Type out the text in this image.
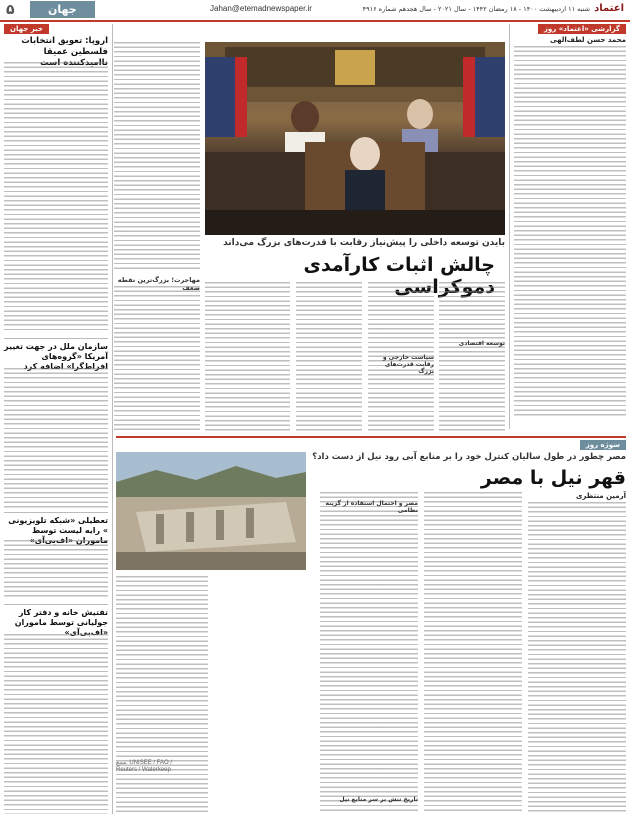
اعتماد
شنبه ۱۱ اردیبهشت ۱۴۰۰ - ۱۸ رمضان ۱۴۴۲ - سال ۲۰۲۱ - سال هجدهم شماره ۴۹۱۶
Jahan@etemadnewspaper.ir
جهان
۵
گزارشی «اعتماد» روز
محمد حسن لطف‌الهی
بایدن توسعه داخلی را پیش‌نیاز رقابت با قدرت‌های بزرگ می‌داند
چالش اثبات کارآمدی دموکراسی
توسعه اقتصادی
سیاست خارجی و رقابت قدرت‌های بزرگ
مهاجرت؛ بزرگ‌ترین نقطه ضعف
خبر جهان
اروپا: تعویق انتخابات فلسطین عمیقا ناامیدکننده است
سازمان ملل در جهت تغییر آمریکا «گروه‌های افراط‌گرا» اضافه کرد
تعطیلی «شبکه تلویزیونی » رایه لیست توسط ماموران «اف‌بی‌آی»
تفتیش خانه و دفتر کار جولیانی توسط ماموران «اف‌بی‌آی»
سوژه روز
مصر چطور در طول سالیان کنترل خود را بر منابع آبی رود نیل از دست داد؟
قهر نیل با مصر
آرمین منتظری
مصر و احتمال استفاده از گزینه نظامی
تاریخ تنش بر سر منابع نیل
منبع: UNISEE / FAO / Reuters / Waterkeep
